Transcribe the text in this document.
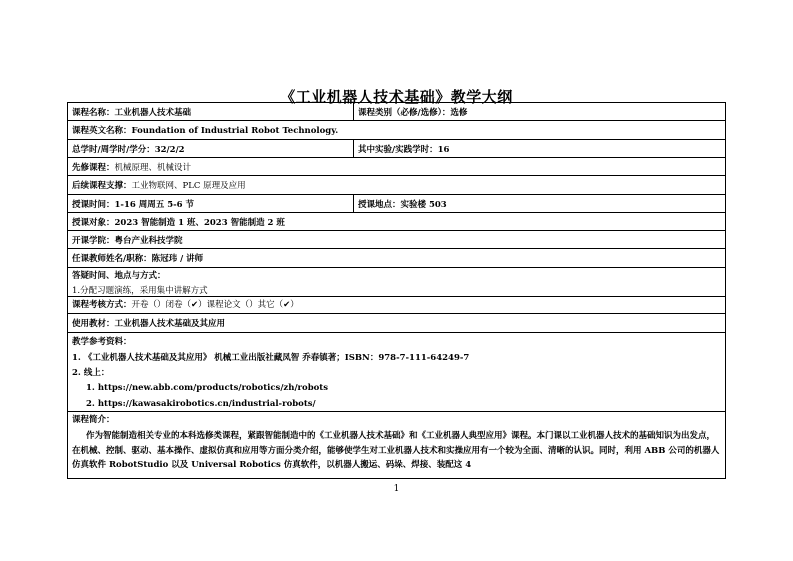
《工业机器人技术基础》教学大纲
课程名称：工业机器人技术基础	课程类别（必修/选修）：选修
课程英文名称：Foundation of Industrial Robot Technology.
总学时/周学时/学分：32/2/2	其中实验/实践学时：16
先修课程：机械原理、机械设计
后续课程支撑：工业物联网、PLC 原理及应用
授课时间：1-16 周周五 5-6 节	授课地点：实验楼 503
授课对象：2023 智能制造 1 班、2023 智能制造 2 班
开课学院：粤台产业科技学院
任课教师姓名/职称：陈冠玮 / 讲师
答疑时间、地点与方式：
1.分配习题演练，采用集中讲解方式
课程考核方式：开卷（）闭卷（✔）课程论文（）其它（✔）
使用教材：工业机器人技术基础及其应用
教学参考资料：
1. 《工业机器人技术基础及其应用》 机械工业出版社藏凤智 乔春镇著；ISBN：978-7-111-64249-7
2. 线上：
1. https://new.abb.com/products/robotics/zh/robots
2. https://kawasakirobotics.cn/industrial-robots/
课程简介：
作为智能制造相关专业的本科选修类课程，紧跟智能制造中的《工业机器人技术基础》和《工业机器人典型应用》课程。本门课以工业机器人技术的基础知识为出发点，在机械、控制、驱动、基本操作、虚拟仿真和应用等方面分类介绍，能够使学生对工业机器人技术和实操应用有一个较为全面、清晰的认识。同时，利用 ABB 公司的机器人仿真软件 RobotStudio 以及 Universal Robotics 仿真软件，以机器人搬运、码垛、焊接、装配这 4
1
